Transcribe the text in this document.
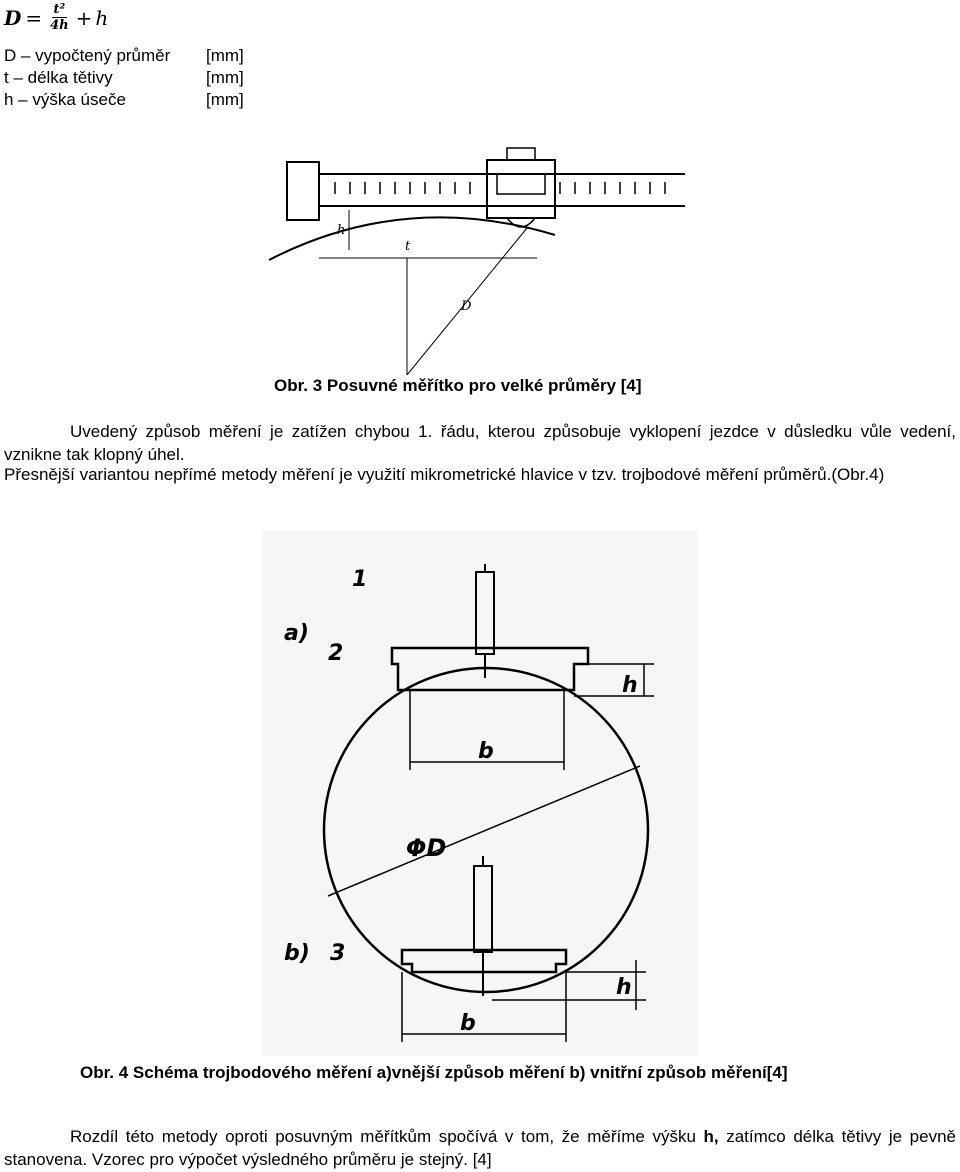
$D = \frac{\text{t²}}{4h} + h$
D – vypočtený průměr [mm]
t – délka tětivy	[mm]
h – výška úseče	[mm]
h
t
D
Obr. 3 Posuvné měřítko pro velké průměry [4]
Uvedený způsob měření je zatížen chybou 1. řádu, kterou způsobuje vyklopení jezdce v důsledku vůle vedení, vznikne tak klopný úhel.
Přesnější variantou nepřímé metody měření je využití mikrometrické hlavice v tzv. trojbodové měření průměrů.(Obr.4)
1
a)
2
h
b
ΦD
b) 3
h
b
Obr. 4 Schéma trojbodového měření a)vnější způsob měření b) vnitřní způsob měření[4]
Rozdíl této metody oproti posuvným měřítkům spočívá v tom, že měříme výšku h, zatímco délka tětivy je pevně stanovena. Vzorec pro výpočet výsledného průměru je stejný. [4]
